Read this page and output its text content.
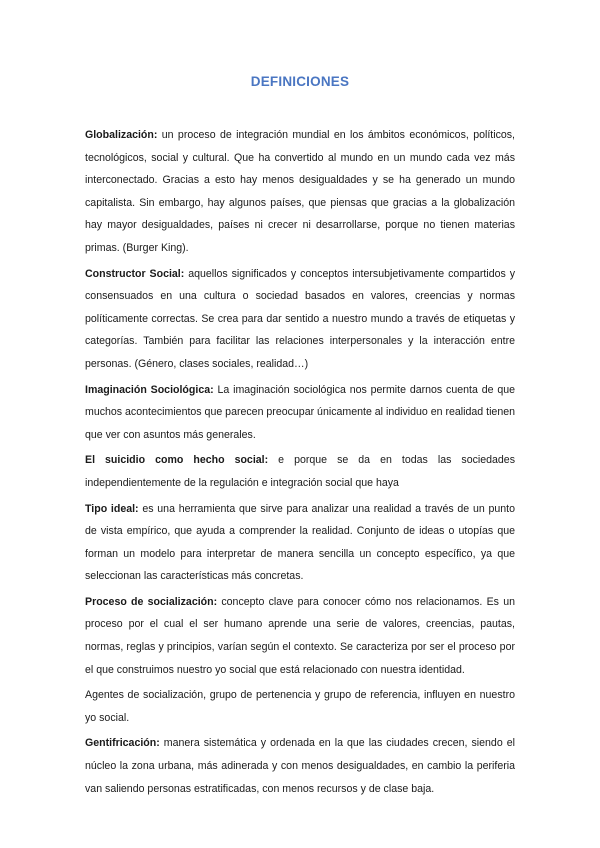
DEFINICIONES

Globalización: un proceso de integración mundial en los ámbitos económicos, políticos, tecnológicos, social y cultural. Que ha convertido al mundo en un mundo cada vez más interconectado. Gracias a esto hay menos desigualdades y se ha generado un mundo capitalista. Sin embargo, hay algunos países, que piensas que gracias a la globalización hay mayor desigualdades, países ni crecer ni desarrollarse, porque no tienen materias primas. (Burger King).

Constructor Social: aquellos significados y conceptos intersubjetivamente compartidos y consensuados en una cultura o sociedad basados en valores, creencias y normas políticamente correctas. Se crea para dar sentido a nuestro mundo a través de etiquetas y categorías. También para facilitar las relaciones interpersonales y la interacción entre personas. (Género, clases sociales, realidad…)

Imaginación Sociológica: La imaginación sociológica nos permite darnos cuenta de que muchos acontecimientos que parecen preocupar únicamente al individuo en realidad tienen que ver con asuntos más generales.

El suicidio como hecho social: e porque se da en todas las sociedades independientemente de la regulación e integración social que haya

Tipo ideal: es una herramienta que sirve para analizar una realidad a través de un punto de vista empírico, que ayuda a comprender la realidad. Conjunto de ideas o utopías que forman un modelo para interpretar de manera sencilla un concepto específico, ya que seleccionan las características más concretas.

Proceso de socialización: concepto clave para conocer cómo nos relacionamos. Es un proceso por el cual el ser humano aprende una serie de valores, creencias, pautas, normas, reglas y principios, varían según el contexto. Se caracteriza por ser el proceso por el que construimos nuestro yo social que está relacionado con nuestra identidad.

Agentes de socialización, grupo de pertenencia y grupo de referencia, influyen en nuestro yo social.

Gentifricación: manera sistemática y ordenada en la que las ciudades crecen, siendo el núcleo la zona urbana, más adinerada y con menos desigualdades, en cambio la periferia van saliendo personas estratificadas, con menos recursos y de clase baja.
